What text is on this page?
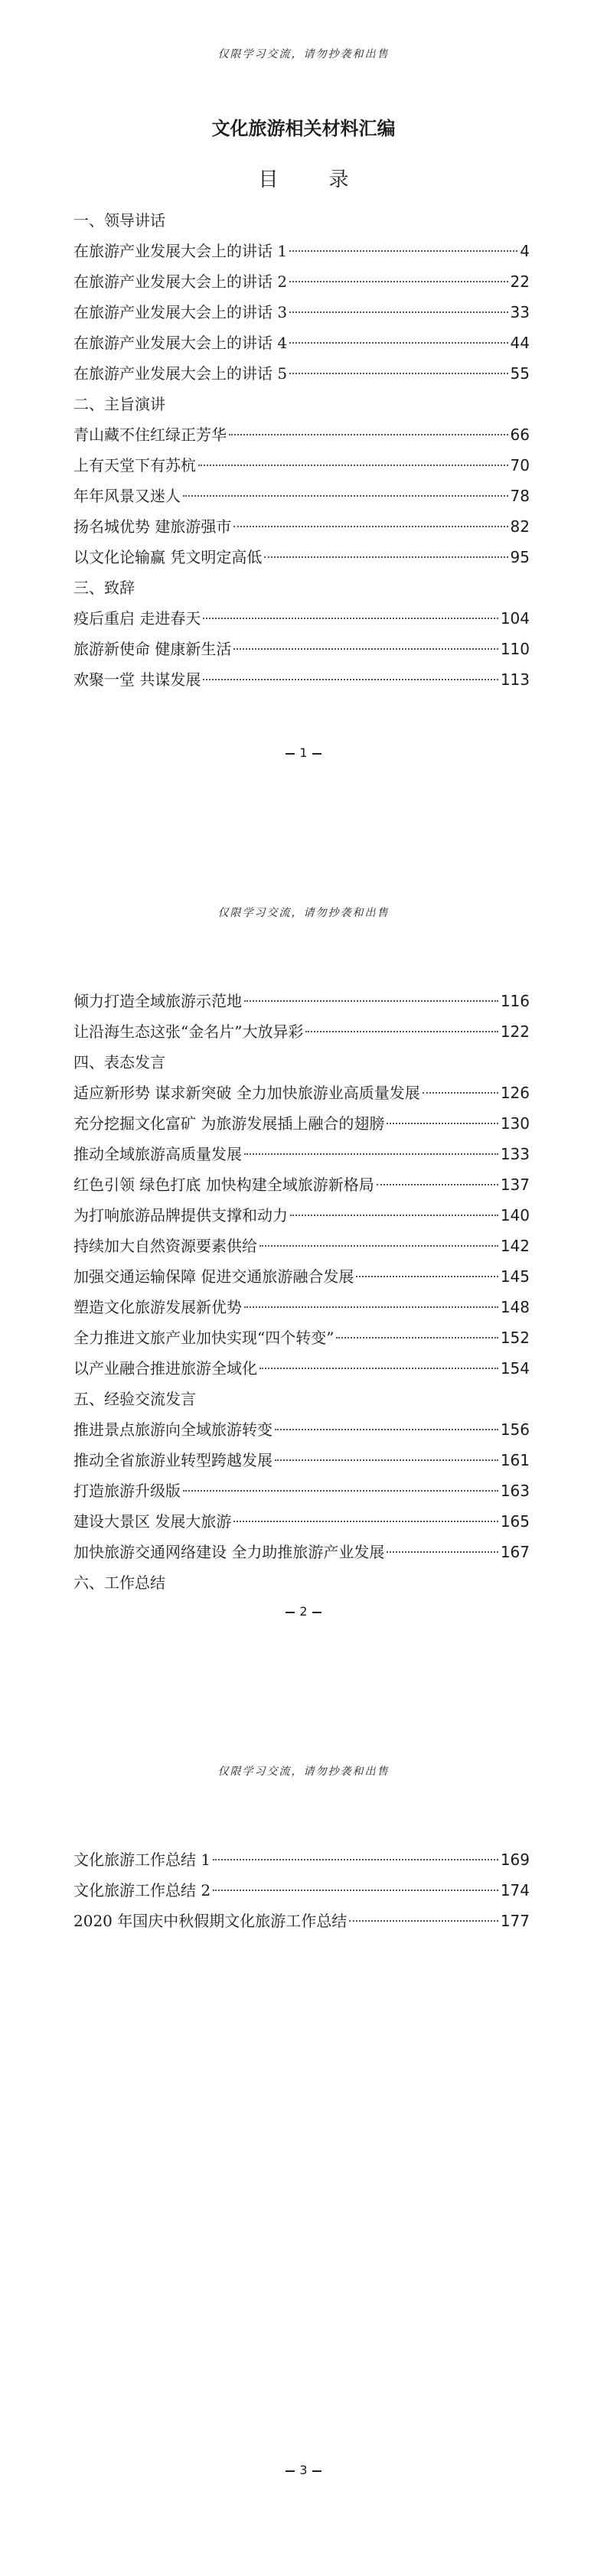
仅限学习交流，请勿抄袭和出售
文化旅游相关材料汇编
目　录
一、领导讲话
在旅游产业发展大会上的讲话 1	4
在旅游产业发展大会上的讲话 2	22
在旅游产业发展大会上的讲话 3	33
在旅游产业发展大会上的讲话 4	44
在旅游产业发展大会上的讲话 5	55
二、主旨演讲
青山藏不住红绿正芳华	66
上有天堂下有苏杭	70
年年风景又迷人	78
扬名城优势 建旅游强市	82
以文化论输赢 凭文明定高低	95
三、致辞
疫后重启 走进春天	104
旅游新使命 健康新生活	110
欢聚一堂 共谋发展	113
1
仅限学习交流，请勿抄袭和出售
倾力打造全域旅游示范地	116
让沿海生态这张“金名片”大放异彩	122
四、表态发言
适应新形势 谋求新突破 全力加快旅游业高质量发展	126
充分挖掘文化富矿 为旅游发展插上融合的翅膀	130
推动全域旅游高质量发展	133
红色引领 绿色打底 加快构建全域旅游新格局	137
为打响旅游品牌提供支撑和动力	140
持续加大自然资源要素供给	142
加强交通运输保障 促进交通旅游融合发展	145
塑造文化旅游发展新优势	148
全力推进文旅产业加快实现“四个转变”	152
以产业融合推进旅游全域化	154
五、经验交流发言
推进景点旅游向全域旅游转变	156
推动全省旅游业转型跨越发展	161
打造旅游升级版	163
建设大景区 发展大旅游	165
加快旅游交通网络建设 全力助推旅游产业发展	167
六、工作总结
2
仅限学习交流，请勿抄袭和出售
文化旅游工作总结 1	169
文化旅游工作总结 2	174
2020 年国庆中秋假期文化旅游工作总结	177
3
